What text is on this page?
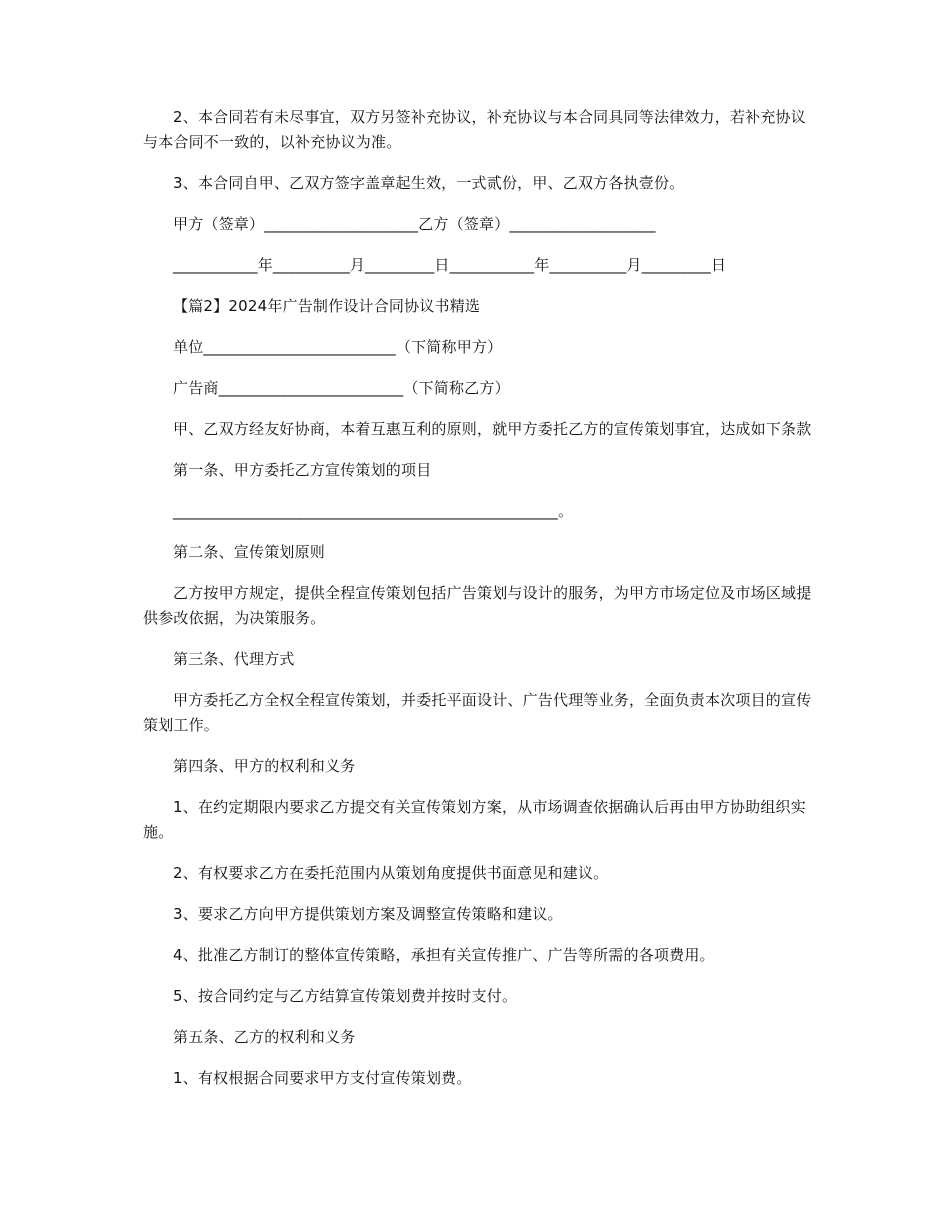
2、本合同若有未尽事宜，双方另签补充协议，补充协议与本合同具同等法律效力，若补充协议与本合同不一致的，以补充协议为准。

3、本合同自甲、乙双方签字盖章起生效，一式贰份，甲、乙双方各执壹份。

甲方（签章）____________________乙方（签章）___________________

___________年__________月_________日___________年__________月_________日

【篇2】2024年广告制作设计合同协议书精选

单位_________________________（下简称甲方）

广告商________________________（下简称乙方）

甲、乙双方经友好协商，本着互惠互利的原则，就甲方委托乙方的宣传策划事宜，达成如下条款

第一条、甲方委托乙方宣传策划的项目

__________________________________________________。

第二条、宣传策划原则

乙方按甲方规定，提供全程宣传策划包括广告策划与设计的服务，为甲方市场定位及市场区域提供参改依据，为决策服务。

第三条、代理方式

甲方委托乙方全权全程宣传策划，并委托平面设计、广告代理等业务，全面负责本次项目的宣传策划工作。

第四条、甲方的权利和义务

1、在约定期限内要求乙方提交有关宣传策划方案，从市场调查依据确认后再由甲方协助组织实施。

2、有权要求乙方在委托范围内从策划角度提供书面意见和建议。

3、要求乙方向甲方提供策划方案及调整宣传策略和建议。

4、批准乙方制订的整体宣传策略，承担有关宣传推广、广告等所需的各项费用。

5、按合同约定与乙方结算宣传策划费并按时支付。

第五条、乙方的权利和义务

1、有权根据合同要求甲方支付宣传策划费。
